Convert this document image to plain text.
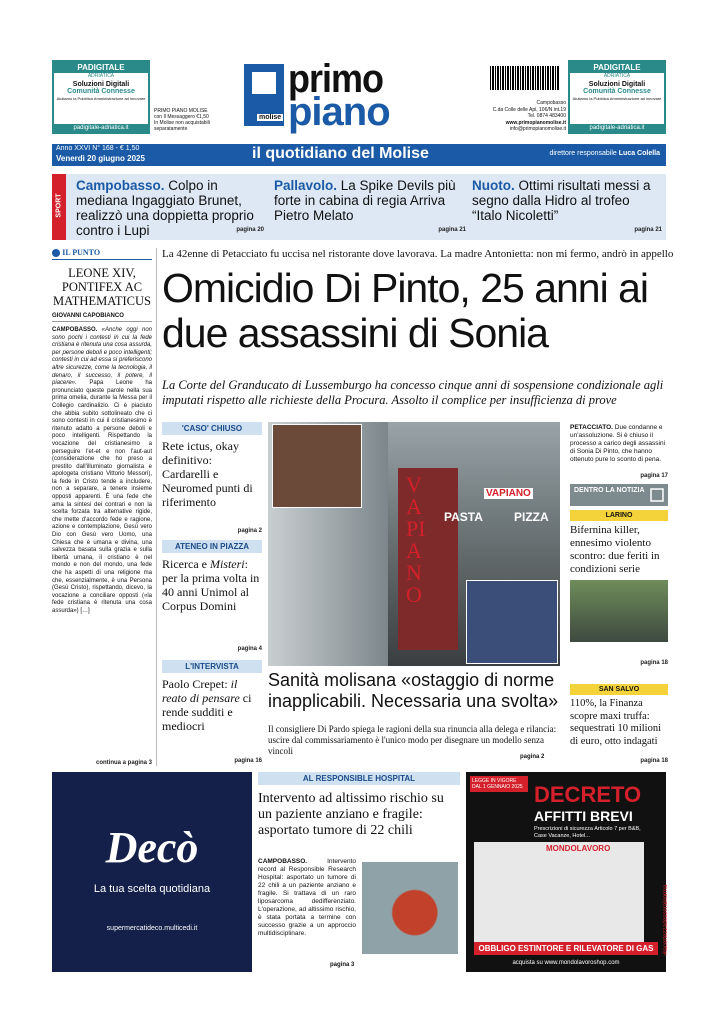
PADIGITALE
ADRIATICA
Soluzioni Digitali
Comunità Connesse
Aiutiamo la Pubblica Amministrazione ad innovare
padigitale-adriatica.it
primo
piano
molise
PRIMO PIANO MOLISE
con Il Messaggero €1,50
In Molise non acquistabili
separatamente
Campobasso
C.da Colle delle Api, 106/N int.19
Tel. 0874 483400
www.primopianomolise.it
info@primopianomolise.it
PADIGITALE
ADRIATICA
Soluzioni Digitali
Comunità Connesse
Aiutiamo la Pubblica Amministrazione ad innovare
padigitale-adriatica.it
Anno XXVI N° 168 - € 1,50
Venerdì 20 giugno 2025	il quotidiano del Molise	direttore responsabile Luca Colella
SPORT
Campobasso. Colpo in mediana Ingaggiato Brunet, realizzò una doppietta proprio contro i Lupi	pagina 20
Pallavolo. La Spike Devils più forte in cabina di regia Arriva Pietro Melato
pagina 21
Nuoto. Ottimi risultati messi a segno dalla Hidro al trofeo “Italo Nicoletti”
pagina 21
IL PUNTO
LEONE XIV, PONTIFEX AC MATHEMATICUS
GIOVANNI CAPOBIANCO
CAMPOBASSO. «Anche oggi non sono pochi i contesti in cui la fede cristiana è ritenuta una cosa assurda, per persone deboli e poco intelligenti; contesti in cui ad essa si preferiscono altre sicurezze, come la tecnologia, il denaro, il successo, il potere, il piacere». Papa Leone ha pronunciato queste parole nella sua prima omelia, durante la Messa per il Collegio cardinalizio. Ci è piaciuto che abbia subito sottolineato che ci sono contesti in cui il cristianesimo è ritenuto adatto a persone deboli e poco intelligenti. Rispettando la vocazione del cristianesimo a perseguire l'et-et e non l'aut-aut (considerazione che ho preso a prestito dall'illuminato giornalista e apologeta cristiano Vittorio Messori), la fede in Cristo tende a includere, non a separare, a tenere insieme opposti apparenti. È una fede che ama la sintesi dei contrari e non la scelta forzata tra alternative rigide, che mette d'accordo fede e ragione, azione e contemplazione, Gesù vero Dio con Gesù vero Uomo, una Chiesa che è umana e divina, una salvezza basata sulla grazia e sulla libertà umana, il cristiano è nel mondo e non del mondo, una fede che ha aspetti di una religione ma che, essenzialmente, è una Persona (Gesù Cristo), rispettando, dicevo, la vocazione a conciliare opposti («la fede cristiana è ritenuta una cosa assurda») […]
continua a pagina 3
La 42enne di Petacciato fu uccisa nel ristorante dove lavorava. La madre Antonietta: non mi fermo, andrò in appello
Omicidio Di Pinto, 25 anni ai due assassini di Sonia
La Corte del Granducato di Lussemburgo ha concesso cinque anni di sospensione condizionale agli imputati rispetto alle richieste della Procura. Assolto il complice per insufficienza di prove
'CASO' CHIUSO
Rete ictus, okay definitivo: Cardarelli e Neuromed punti di riferimento
pagina 2
ATENEO IN PIAZZA
Ricerca e Misteri: per la prima volta in 40 anni Unimol al Corpus Domini
pagina 4
L'INTERVISTA
Paolo Crepet: il reato di pensare ci rende sudditi e mediocri
pagina 16
VAPIANO
PASTA	PIZZA
VAPIANO
PETACCIATO. Due condanne e un'assoluzione. Si è chiuso il processo a carico degli assassini di Sonia Di Pinto, che hanno ottenuto pure lo sconto di pena.
pagina 17
Sanità molisana «ostaggio di norme inapplicabili. Necessaria una svolta»
Il consigliere Di Pardo spiega le ragioni della sua rinuncia alla delega e rilancia: uscire dal commissariamento è l'unico modo per disegnare un modello senza vincoli
pagina 2
DENTRO LA NOTIZIA
LARINO
Bifernina killer, ennesimo violento scontro: due feriti in condizioni serie
pagina 18
SAN SALVO
110%, la Finanza scopre maxi truffa: sequestrati 10 milioni di euro, otto indagati
pagina 18
Decò
La tua scelta quotidiana
supermercatideco.multicedi.it
AL RESPONSIBLE HOSPITAL
Intervento ad altissimo rischio su un paziente anziano e fragile: asportato tumore di 22 chili
CAMPOBASSO. Intervento record al Responsible Research Hospital: asportato un tumore di 22 chili a un paziente anziano e fragile. Si trattava di un raro liposarcoma dedifferenziato. L'operazione, ad altissimo rischio, è stata portata a termine con successo grazie a un approccio multidisciplinare.
pagina 3
LEGGE IN VIGORE DAL 1 GENNAIO 2025 DECRETO
AFFITTI BREVI
Prescrizioni di sicurezza Articolo 7 per B&B, Case Vacanze, Hotel...
MONDOLAVORO
#lacertezzadesserainorma
OBBLIGO ESTINTORE E RILEVATORE DI GAS
acquista su www.mondolavoroshop.com
